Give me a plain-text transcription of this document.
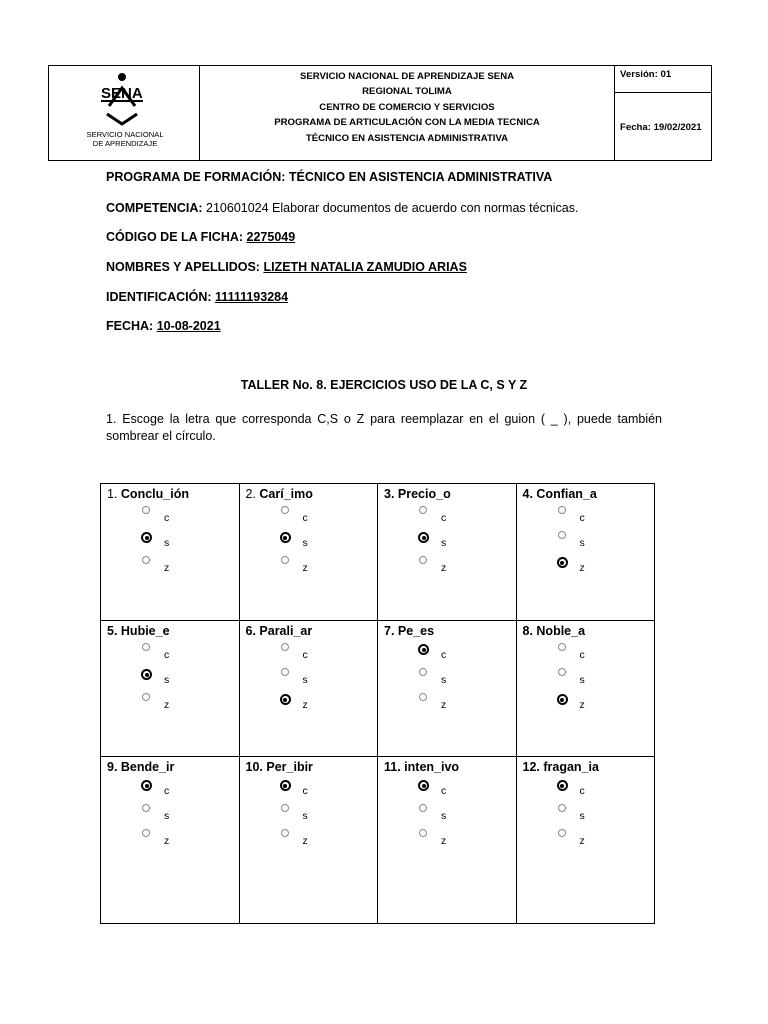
SENA
SERVICIO NACIONAL
DE APRENDIZAJE
SERVICIO NACIONAL DE APRENDIZAJE SENA
REGIONAL TOLIMA
CENTRO DE COMERCIO Y SERVICIOS
PROGRAMA DE ARTICULACIÓN CON LA MEDIA TECNICA
TÉCNICO EN ASISTENCIA ADMINISTRATIVA
Versión: 01
Fecha: 19/02/2021
PROGRAMA DE FORMACIÓN: TÉCNICO EN ASISTENCIA ADMINISTRATIVA
COMPETENCIA: 210601024 Elaborar documentos de acuerdo con normas técnicas.
CÓDIGO DE LA FICHA: 2275049
NOMBRES Y APELLIDOS: LIZETH NATALIA ZAMUDIO ARIAS
IDENTIFICACIÓN: 11111193284
FECHA: 10-08-2021
TALLER No. 8. EJERCICIOS USO DE LA C, S Y Z
1. Escoge la letra que corresponda C,S o Z para reemplazar en el guion ( _ ), puede también sombrear el círculo.
1. Conclu_ión
c
s
z	2. Carí_imo
c
s
z	3. Precio_o
c
s
z	4. Confian_a
c
s
z

5. Hubie_e
c
s
z	6. Parali_ar
c
s
z	7. Pe_es
c
s
z	8. Noble_a
c
s
z

9. Bende_ir
c
s
z	10. Per_ibir
c
s
z	11. inten_ivo
c
s
z	12. fragan_ia
c
s
z
